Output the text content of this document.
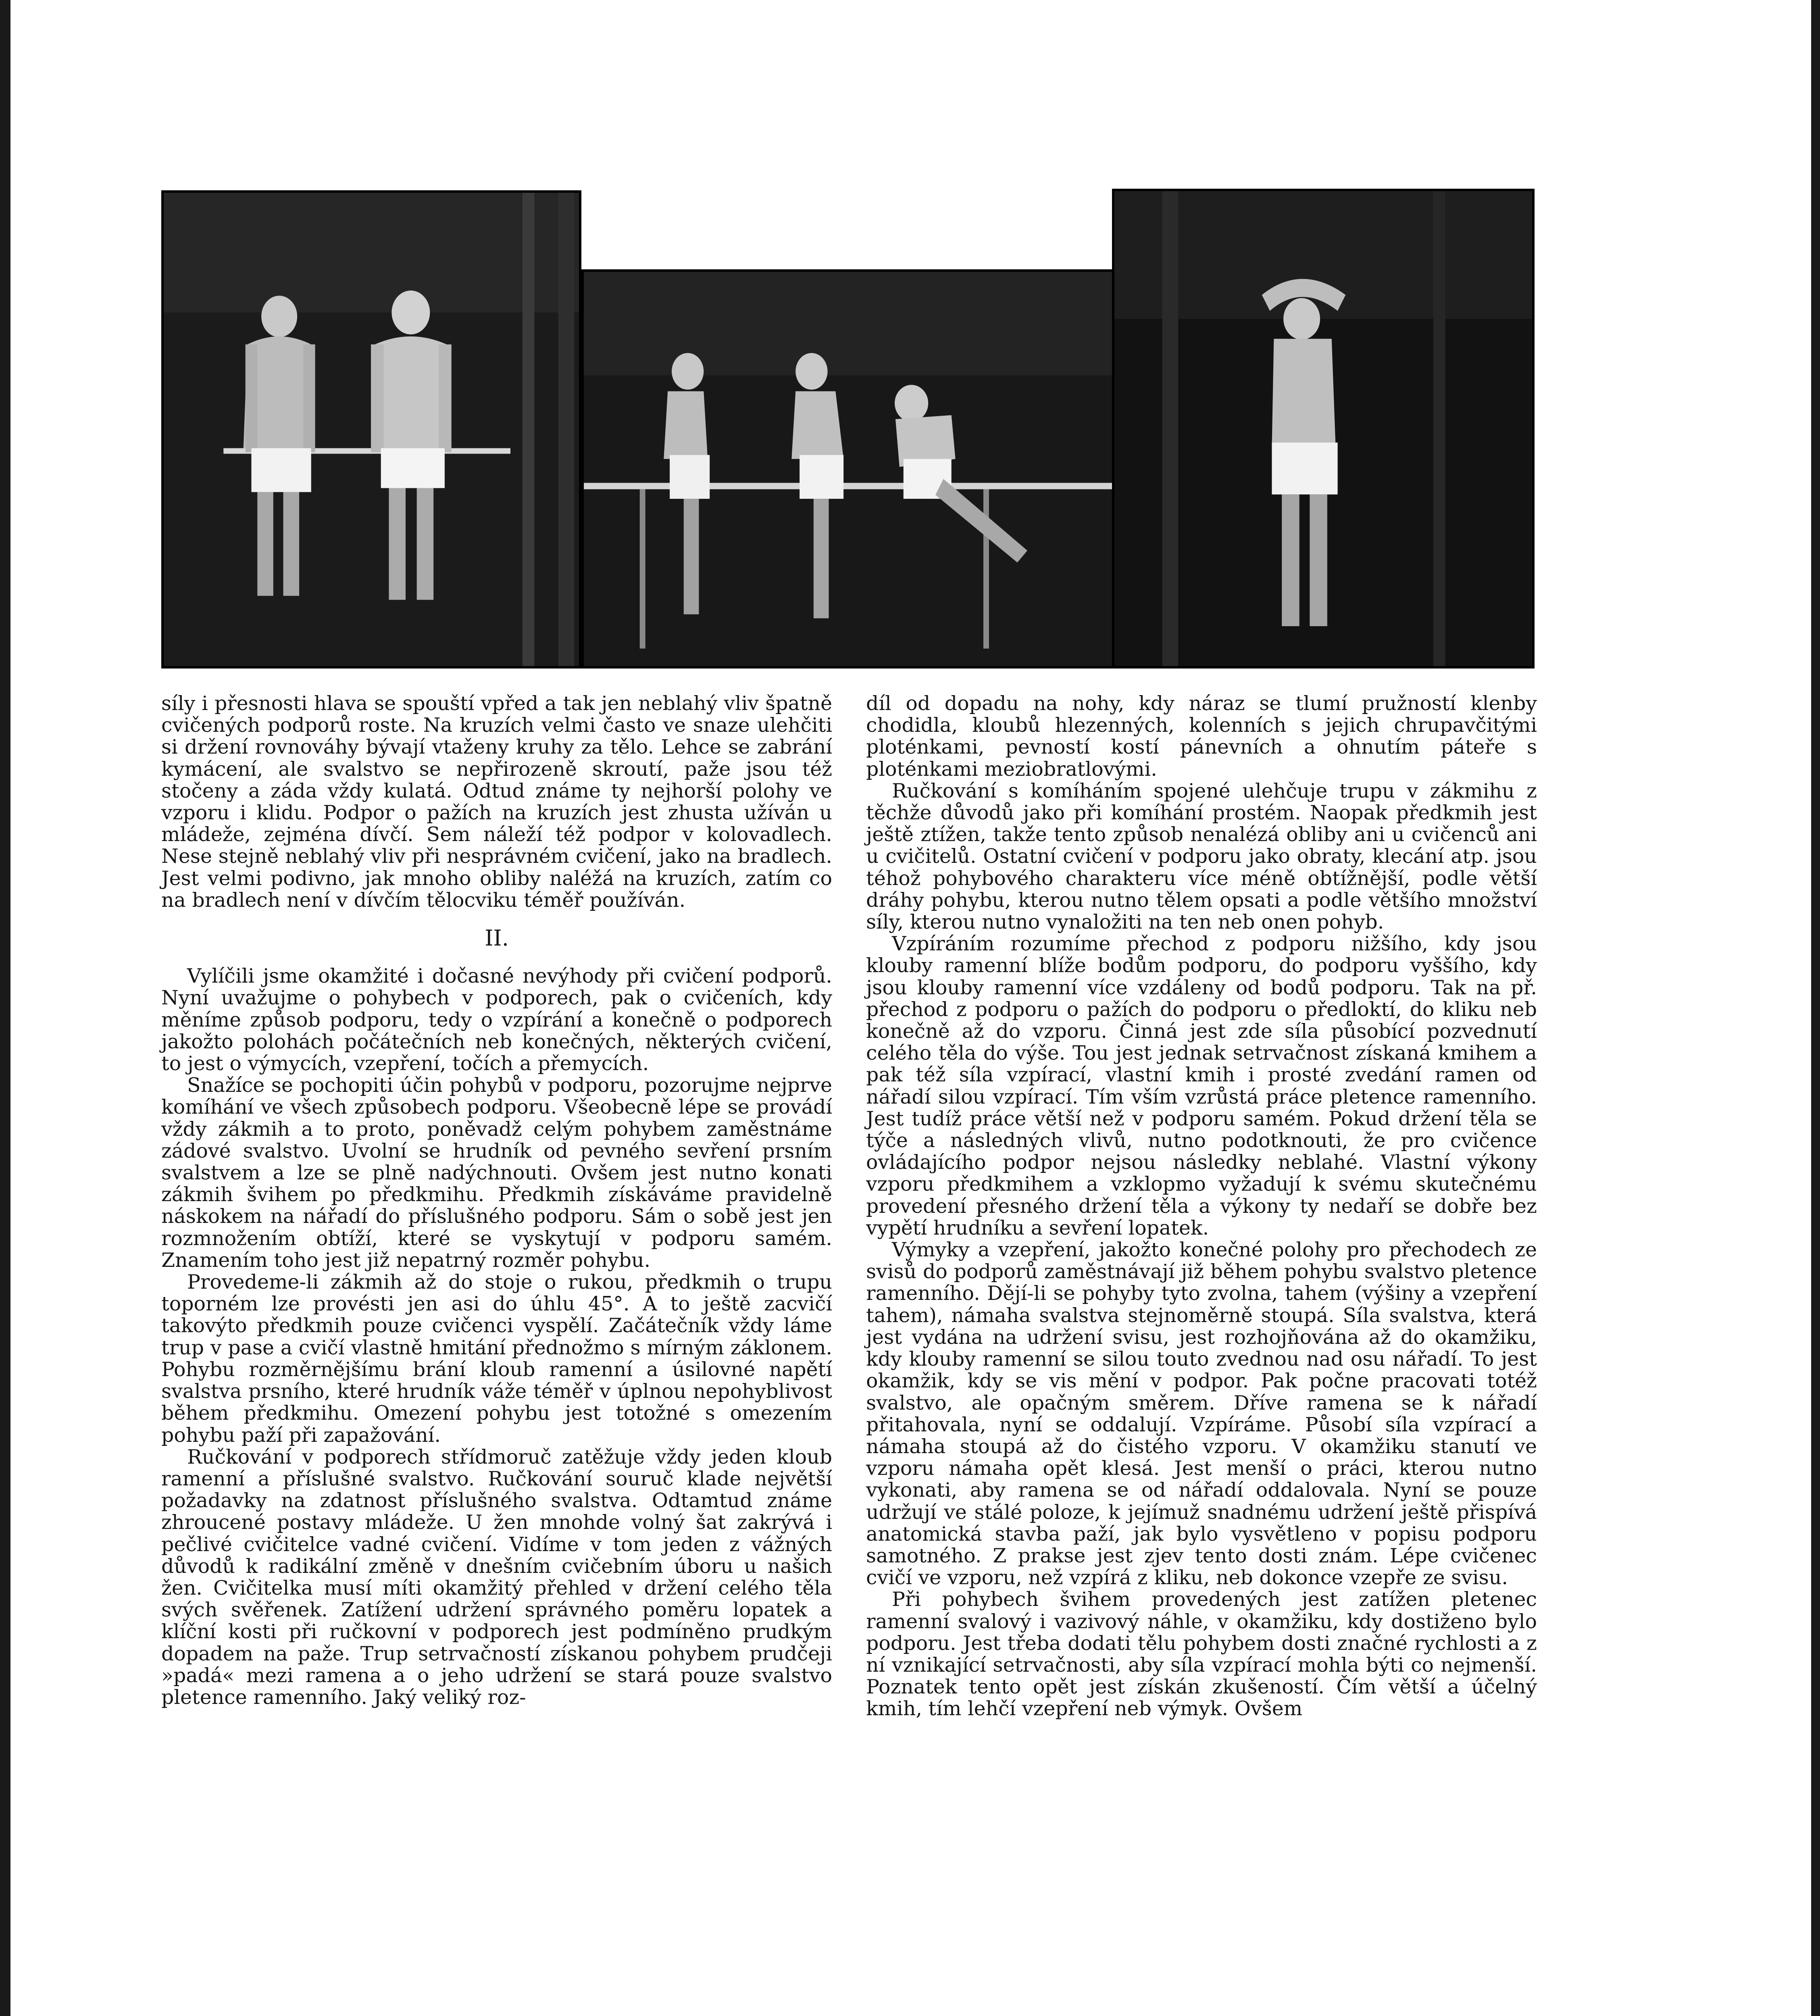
síly i přesnosti hlava se spouští vpřed a tak jen neblahý vliv špatně cvičených podporů roste. Na kruzích velmi často ve snaze ulehčiti si držení rovnováhy bývají vtaženy kruhy za tělo. Lehce se zabrání kymácení, ale svalstvo se nepřirozeně skroutí, paže jsou též stočeny a záda vždy kulatá. Odtud známe ty nejhorší polohy ve vzporu i klidu. Podpor o pažích na kruzích jest zhusta užíván u mládeže, zejména dívčí. Sem náleží též podpor v kolovadlech. Nese stejně neblahý vliv při nesprávném cvičení, jako na bradlech. Jest velmi podivno, jak mnoho obliby naléžá na kruzích, zatím co na bradlech není v dívčím tělocviku téměř používán.

II.

Vylíčili jsme okamžité i dočasné nevýhody při cvičení podporů. Nyní uvažujme o pohybech v podporech, pak o cvičeních, kdy měníme způsob podporu, tedy o vzpírání a konečně o podporech jakožto polohách počátečních neb konečných, některých cvičení, to jest o výmycích, vzepření, točích a přemycích.

Snažíce se pochopiti účin pohybů v podporu, pozorujme nejprve komíhání ve všech způsobech podporu. Všeobecně lépe se provádí vždy zákmih a to proto, poněvadž celým pohybem zaměstnáme zádové svalstvo. Uvolní se hrudník od pevného sevření prsním svalstvem a lze se plně nadýchnouti. Ovšem jest nutno konati zákmih švihem po předkmihu. Předkmih získáváme pravidelně náskokem na nářadí do příslušného podporu. Sám o sobě jest jen rozmnožením obtíží, které se vyskytují v podporu samém. Znamením toho jest již nepatrný rozměr pohybu.

Provedeme-li zákmih až do stoje o rukou, předkmih o trupu toporném lze provésti jen asi do úhlu 45°. A to ještě zacvičí takovýto předkmih pouze cvičenci vyspělí. Začátečník vždy láme trup v pase a cvičí vlastně hmitání přednožmo s mírným záklonem. Pohybu rozměrnějšímu brání kloub ramenní a úsilovné napětí svalstva prsního, které hrudník váže téměř v úplnou nepohyblivost během předkmihu. Omezení pohybu jest totožné s omezením pohybu paží při zapažování.

Ručkování v podporech střídmoruč zatěžuje vždy jeden kloub ramenní a příslušné svalstvo. Ručkování souruč klade největší požadavky na zdatnost příslušného svalstva. Odtamtud známe zhroucené postavy mládeže. U žen mnohde volný šat zakrývá i pečlivé cvičitelce vadné cvičení. Vidíme v tom jeden z vážných důvodů k radikální změně v dnešním cvičebním úboru u našich žen. Cvičitelka musí míti okamžitý přehled v držení celého těla svých svěřenek. Zatížení udržení správného poměru lopatek a klíční kosti při ručkovní v podporech jest podmíněno prudkým dopadem na paže. Trup setrvačností získanou pohybem prudčeji »padá« mezi ramena a o jeho udržení se stará pouze svalstvo pletence ramenního. Jaký veliký roz-

díl od dopadu na nohy, kdy náraz se tlumí pružností klenby chodidla, kloubů hlezenných, kolenních s jejich chrupavčitými ploténkami, pevností kostí pánevních a ohnutím páteře s ploténkami meziobratlovými.

Ručkování s komíháním spojené ulehčuje trupu v zákmihu z těchže důvodů jako při komíhání prostém. Naopak předkmih jest ještě ztížen, takže tento způsob nenalézá obliby ani u cvičenců ani u cvičitelů. Ostatní cvičení v podporu jako obraty, klecání atp. jsou téhož pohybového charakteru více méně obtížnější, podle větší dráhy pohybu, kterou nutno tělem opsati a podle většího množství síly, kterou nutno vynaložiti na ten neb onen pohyb.

Vzpíráním rozumíme přechod z podporu nižšího, kdy jsou klouby ramenní blíže bodům podporu, do podporu vyššího, kdy jsou klouby ramenní více vzdáleny od bodů podporu. Tak na př. přechod z podporu o pažích do podporu o předloktí, do kliku neb konečně až do vzporu. Činná jest zde síla působící pozvednutí celého těla do výše. Tou jest jednak setrvačnost získaná kmihem a pak též síla vzpírací, vlastní kmih i prosté zvedání ramen od nářadí silou vzpírací. Tím vším vzrůstá práce pletence ramenního. Jest tudíž práce větší než v podporu samém. Pokud držení těla se týče a následných vlivů, nutno podotknouti, že pro cvičence ovládajícího podpor nejsou následky neblahé. Vlastní výkony vzporu předkmihem a vzklopmo vyžadují k svému skutečnému provedení přesného držení těla a výkony ty nedaří se dobře bez vypětí hrudníku a sevření lopatek.

Výmyky a vzepření, jakožto konečné polohy pro přechodech ze svisů do podporů zaměstnávají již během pohybu svalstvo pletence ramenního. Dějí-li se pohyby tyto zvolna, tahem (výšiny a vzepření tahem), námaha svalstva stejnoměrně stoupá. Síla svalstva, která jest vydána na udržení svisu, jest rozhojňována až do okamžiku, kdy klouby ramenní se silou touto zvednou nad osu nářadí. To jest okamžik, kdy se vis mění v podpor. Pak počne pracovati totéž svalstvo, ale opačným směrem. Dříve ramena se k nářadí přitahovala, nyní se oddalují. Vzpíráme. Působí síla vzpírací a námaha stoupá až do čistého vzporu. V okamžiku stanutí ve vzporu námaha opět klesá. Jest menší o práci, kterou nutno vykonati, aby ramena se od nářadí oddalovala. Nyní se pouze udržují ve stálé poloze, k jejímuž snadnému udržení ještě přispívá anatomická stavba paží, jak bylo vysvětleno v popisu podporu samotného. Z prakse jest zjev tento dosti znám. Lépe cvičenec cvičí ve vzporu, než vzpírá z kliku, neb dokonce vzepře ze svisu.

Při pohybech švihem provedených jest zatížen pletenec ramenní svalový i vazivový náhle, v okamžiku, kdy dostiženo bylo podporu. Jest třeba dodati tělu pohybem dosti značné rychlosti a z ní vznikající setrvačnosti, aby síla vzpírací mohla býti co nejmenší. Poznatek tento opět jest získán zkušeností. Čím větší a účelný kmih, tím lehčí vzepření neb výmyk. Ovšem
